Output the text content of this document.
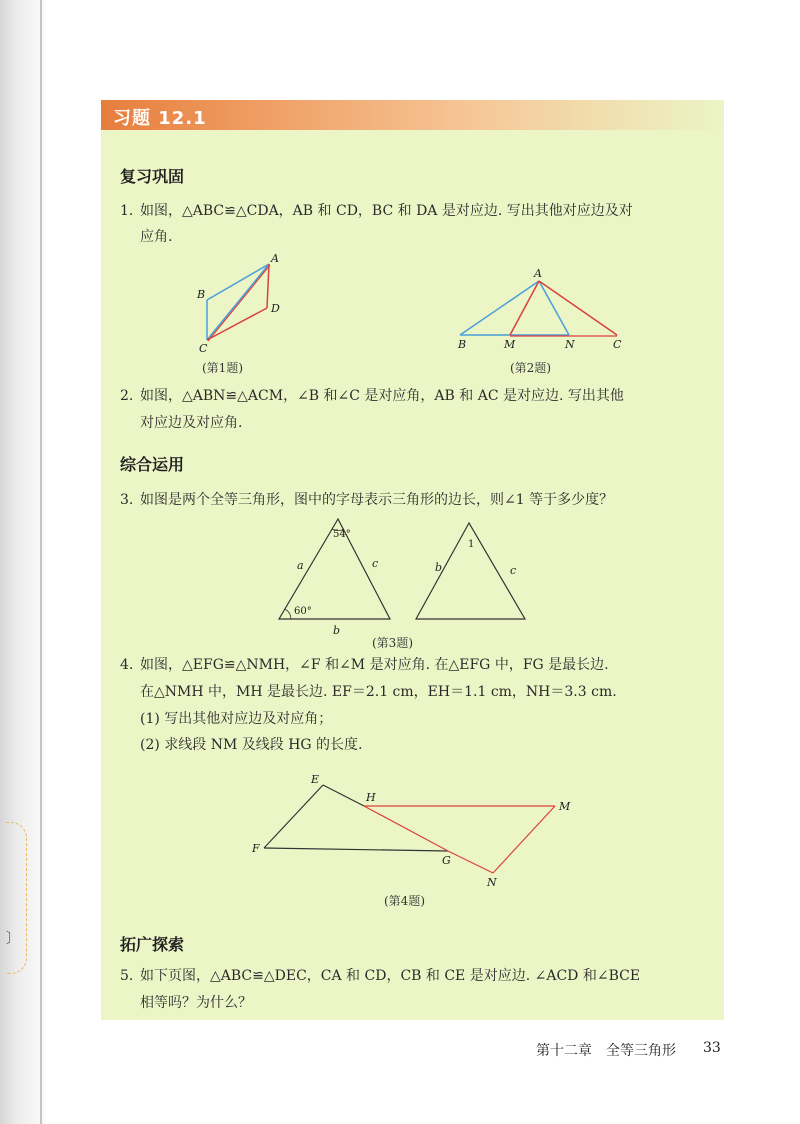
〕
习题 12.1
复习巩固
1. 如图，△ABC≌△CDA，AB 和 CD，BC 和 DA 是对应边. 写出其他对应边及对
应角.
A
B
C
D
A
B	M	N	C
a	c
b
54°
60°
b	c
1
E
H
M
F
G
N
(第1题)	(第2题)
2. 如图，△ABN≌△ACM，∠B 和∠C 是对应角，AB 和 AC 是对应边. 写出其他
对应边及对应角.
综合运用
3. 如图是两个全等三角形，图中的字母表示三角形的边长，则∠1 等于多少度？
(第3题)
4. 如图，△EFG≌△NMH，∠F 和∠M 是对应角. 在△EFG 中，FG 是最长边.
在△NMH 中，MH 是最长边. EF＝2.1 cm，EH＝1.1 cm，NH＝3.3 cm.
(1) 写出其他对应边及对应角；
(2) 求线段 NM 及线段 HG 的长度.
(第4题)
拓广探索
5. 如下页图，△ABC≌△DEC，CA 和 CD，CB 和 CE 是对应边. ∠ACD 和∠BCE
相等吗？为什么？
第十二章　全等三角形 33
